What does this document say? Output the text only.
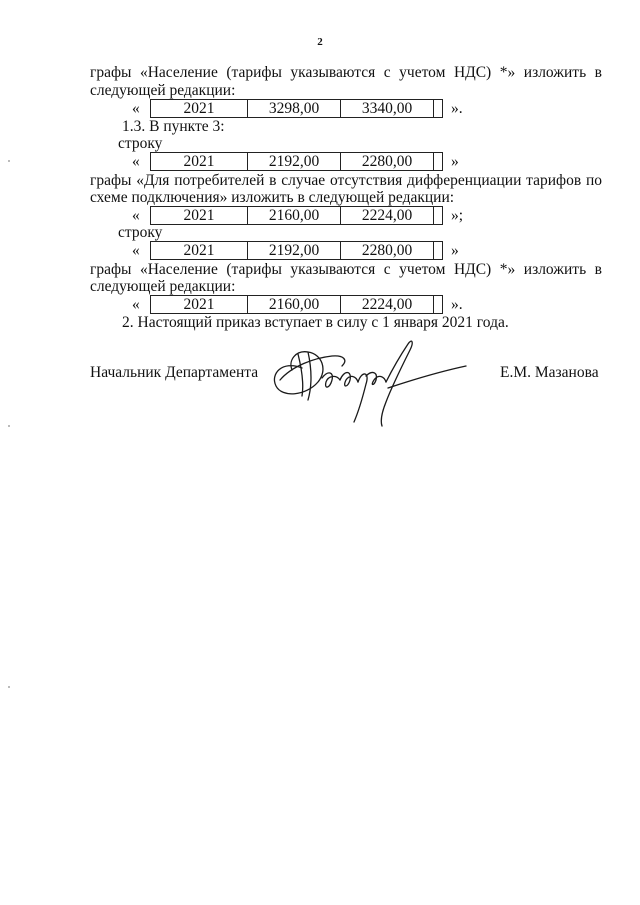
2
графы «Население (тарифы указываются с учетом НДС) *» изложить в
следующей редакции:
«	2021	3298,00	3340,00	».
1.3. В пункте 3:
строку
«	2021	2192,00	2280,00	»
графы «Для потребителей в случае отсутствия дифференциации тарифов по
схеме подключения» изложить в следующей редакции:
«	2021	2160,00	2224,00	»;
строку
«	2021	2192,00	2280,00	»
графы «Население (тарифы указываются с учетом НДС) *» изложить в
следующей редакции:
«	2021	2160,00	2224,00	».
2. Настоящий приказ вступает в силу с 1 января 2021 года.
Начальник Департамента	Е.М. Мазанова
